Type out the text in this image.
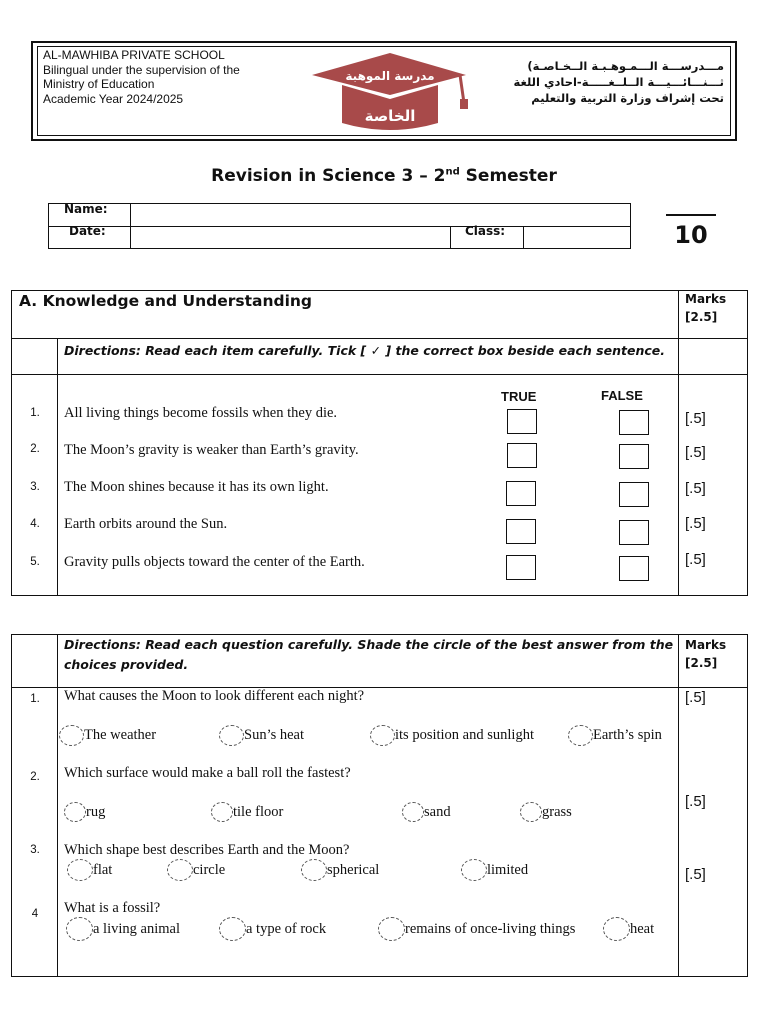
AL-MAWHIBA PRIVATE SCHOOL
Bilingual under the supervision of the
Ministry of Education
Academic Year 2024/2025
مدرسة الموهبة
الخاصة
مـــدرســـة الـــمـوهـبـة الــخـاصـة)
ثـــنـــائـــيـــة الــلــغـــــة-احادي اللغة
تحت إشراف وزارة التربية والتعليم
Revision in Science 3 – 2nd Semester
Name:
Date:	Class:	10
A. Knowledge and Understanding	Marks
[2.5]
Directions: Read each item carefully. Tick [ ✓ ] the correct box beside each sentence.
TRUE	FALSE
1.	All living things become fossils when they die.	[.5]
2.	The Moon’s gravity is weaker than Earth’s gravity.	[.5]
3.	The Moon shines because it has its own light.	[.5]
4.	Earth orbits around the Sun.	[.5]
5.	Gravity pulls objects toward the center of the Earth.	[.5]
Directions: Read each question carefully. Shade the circle of the best answer from the
choices provided.
Marks
[2.5]
1.	What causes the Moon to look different each night?	[.5]
The weather	Sun’s heat	its position and sunlight	Earth’s spin
2.	Which surface would make a ball roll the fastest?
[.5]
rug	tile floor	sand	grass
3.	Which shape best describes Earth and the Moon?
[.5]
flat	circle	spherical	limited
4	What is a fossil?
a living animal	a type of rock	remains of once-living things	heat
